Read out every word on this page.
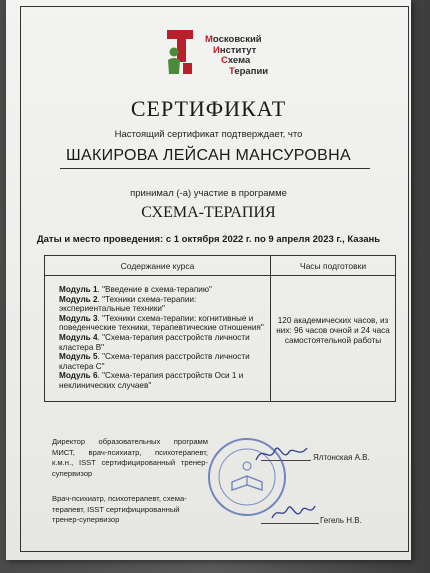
Московский
Институт
Схема
Терапии
СЕРТИФИКАТ
Настоящий сертификат подтверждает, что
ШАКИРОВА ЛЕЙСАН МАНСУРОВНА
принимал (-а) участие в программе
СХЕМА-ТЕРАПИЯ
Даты и место проведения: с 1 октября 2022 г. по 9 апреля 2023 г., Казань
Содержание курса	Часы подготовки
Модуль 1. "Введение в схема-терапию"
Модуль 2. "Техники схема-терапии: экспериентальные техники"
Модуль 3. "Техники схема-терапии: когнитивные и поведенческие техники, терапевтические отношения"
Модуль 4. "Схема-терапия расстройств личности кластера В"
Модуль 5. "Схема-терапия расстройств личности кластера С"
Модуль 6. "Схема-терапия расстройств Оси 1 и неклинических случаев"
120 академических часов, из них: 96 часов очной и 24 часа самостоятельной работы
Директор образовательных программ МИСТ, врач-психиатр, психотерапевт, к.м.н., ISST сертифицированный тренер-супервизор
Ялтонская А.В.
Врач-психиатр, психотерапевт, схема-терапевт, ISST сертифицированный тренер-супервизор	Гегель Н.В.
